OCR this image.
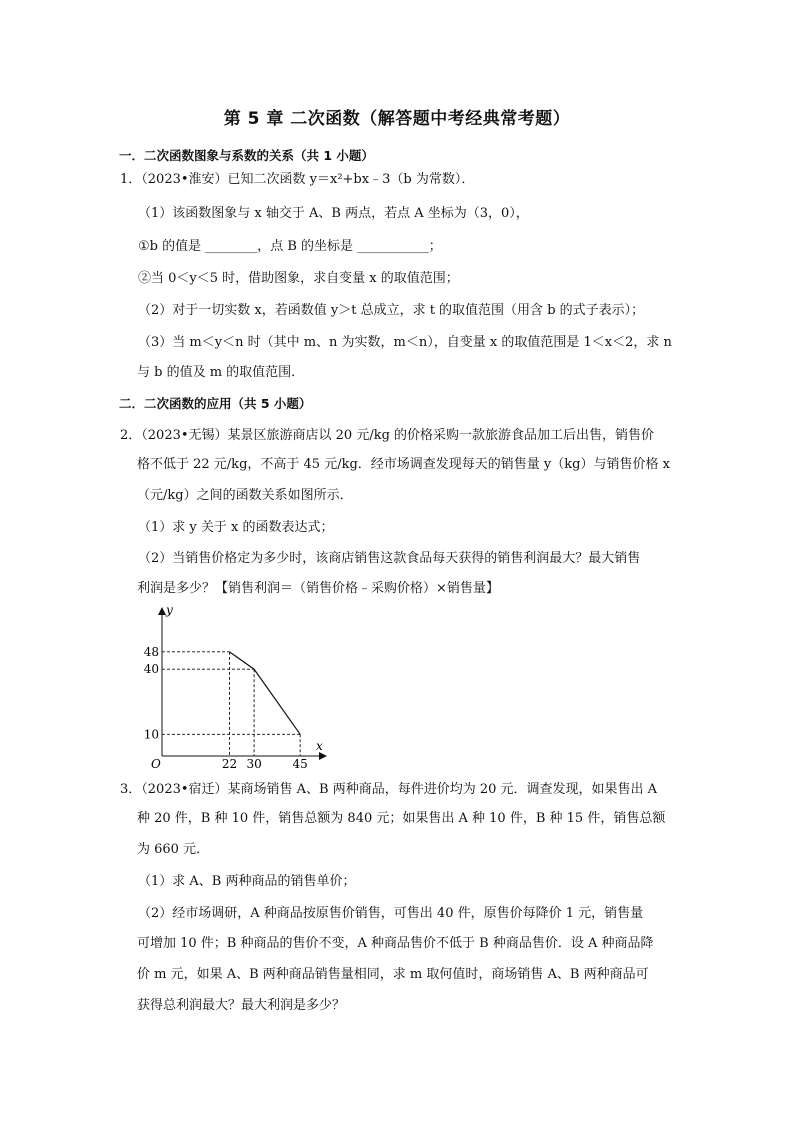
第 5 章 二次函数（解答题中考经典常考题）
一．二次函数图象与系数的关系（共 1 小题）
1．（2023•淮安）已知二次函数 y＝x²+bx﹣3（b 为常数）．
（1）该函数图象与 x 轴交于 A、B 两点，若点 A 坐标为（3，0），
①b 的值是 ________，点 B 的坐标是 ___________；
②当 0＜y＜5 时，借助图象，求自变量 x 的取值范围；
（2）对于一切实数 x，若函数值 y＞t 总成立，求 t 的取值范围（用含 b 的式子表示）；
（3）当 m＜y＜n 时（其中 m、n 为实数，m＜n），自变量 x 的取值范围是 1＜x＜2，求 n
与 b 的值及 m 的取值范围．
二．二次函数的应用（共 5 小题）
2．（2023•无锡）某景区旅游商店以 20 元/kg 的价格采购一款旅游食品加工后出售，销售价
格不低于 22 元/kg，不高于 45 元/kg．经市场调查发现每天的销售量 y（kg）与销售价格 x
（元/kg）之间的函数关系如图所示．
（1）求 y 关于 x 的函数表达式；
（2）当销售价格定为多少时，该商店销售这款食品每天获得的销售利润最大？最大销售
利润是多少？【销售利润＝（销售价格﹣采购价格）×销售量】
10
40
48
22 30	45
x
y
O
3．（2023•宿迁）某商场销售 A、B 两种商品，每件进价均为 20 元．调查发现，如果售出 A
种 20 件，B 种 10 件，销售总额为 840 元；如果售出 A 种 10 件，B 种 15 件，销售总额
为 660 元．
（1）求 A、B 两种商品的销售单价；
（2）经市场调研，A 种商品按原售价销售，可售出 40 件，原售价每降价 1 元，销售量
可增加 10 件；B 种商品的售价不变，A 种商品售价不低于 B 种商品售价．设 A 种商品降
价 m 元，如果 A、B 两种商品销售量相同，求 m 取何值时，商场销售 A、B 两种商品可
获得总利润最大？最大利润是多少？
